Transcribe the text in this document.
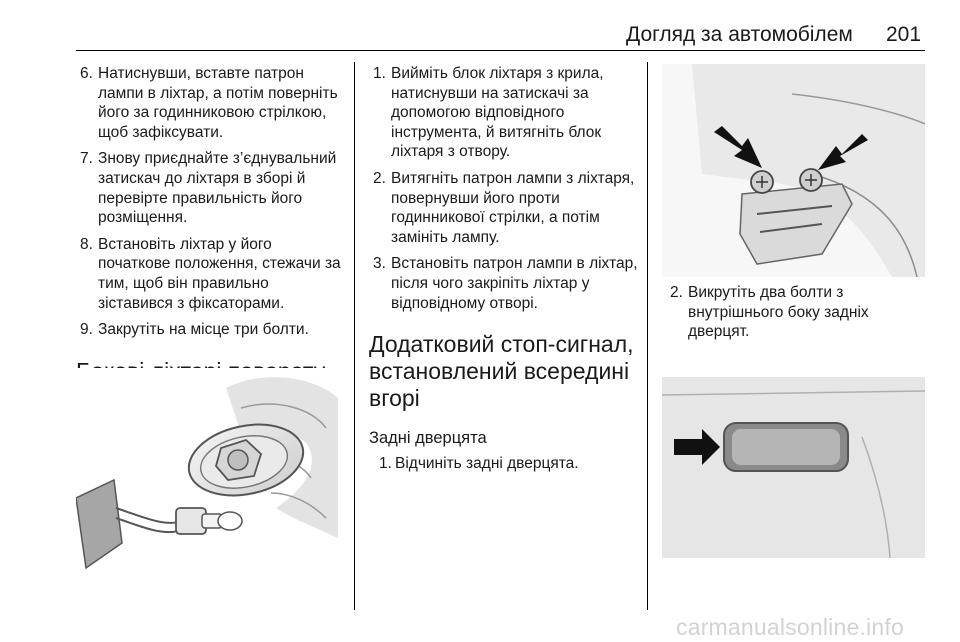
Догляд за автомобілем 201
6. Натиснувши, вставте патрон лампи в ліхтар, а потім поверніть його за годинниковою стрілкою, щоб зафіксувати.
7. Знову приєднайте з’єднувальний затискач до ліхтаря в зборі й перевірте правильність його розміщення.
8. Встановіть ліхтар у його початкове положення, стежачи за тим, щоб він правильно зіставився з фіксаторами.
9. Закрутіть на місце три болти.
1. Вийміть блок ліхтаря з крила, натиснувши на затискачі за допомогою відповідного інструмента, й витягніть блок ліхтаря з отвору.
2. Витягніть патрон лампи з ліхтаря, повернувши його проти годинникової стрілки, а потім замініть лампу.
3. Встановіть патрон лампи в ліхтар, після чого закріпіть ліхтар у відповідному отворі.
Додатковий стоп-сигнал, встановлений всередині вгорі
Задні дверцята
1. Відчиніть задні дверцята.
2. Викрутіть два болти з внутрішнього боку задніх дверцят.
carmanualsonline.info
